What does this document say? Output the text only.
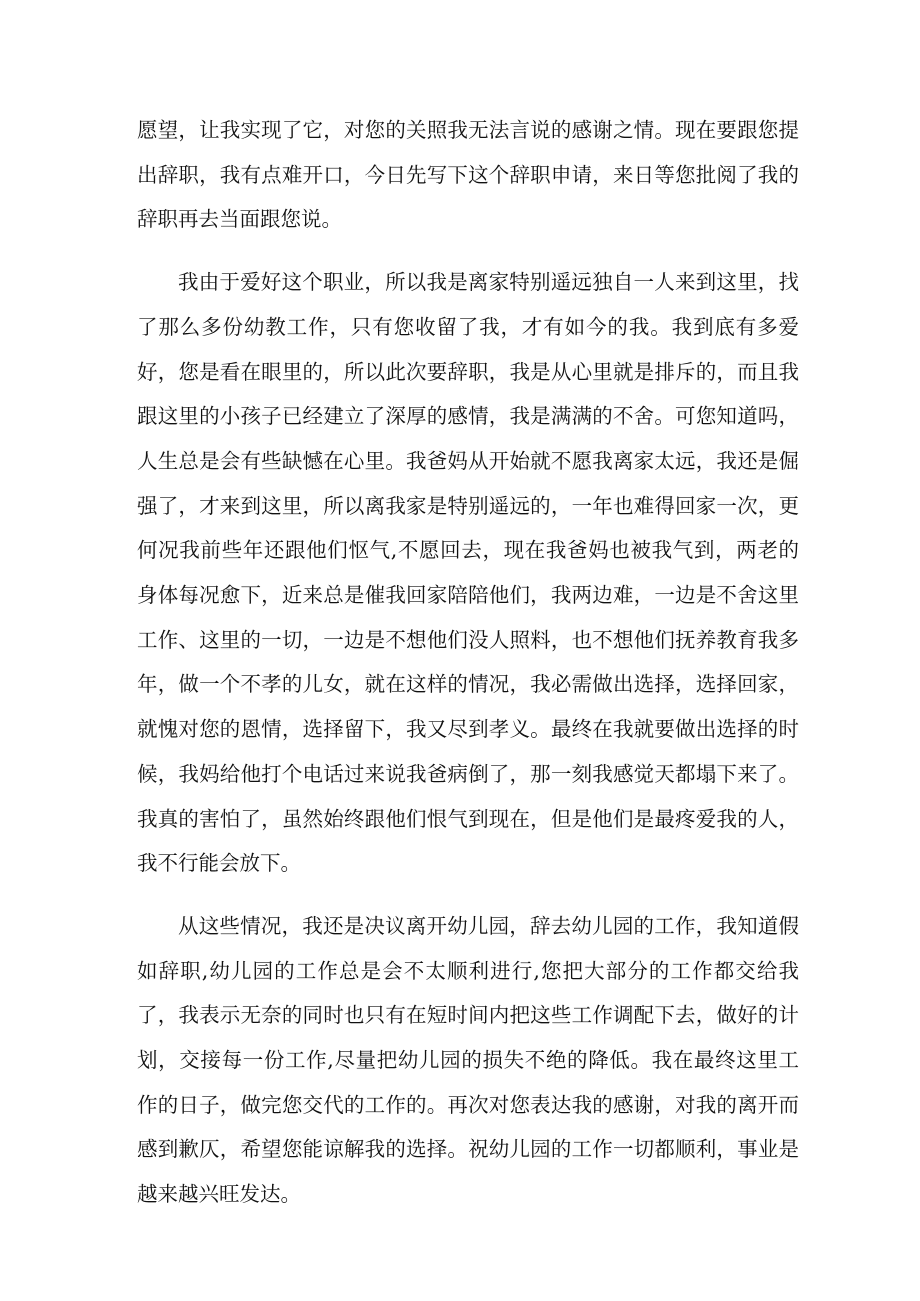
愿望，让我实现了它，对您的关照我无法言说的感谢之情。现在要跟您提出辞职，我有点难开口，今日先写下这个辞职申请，来日等您批阅了我的辞职再去当面跟您说。

我由于爱好这个职业，所以我是离家特别遥远独自一人来到这里，找了那么多份幼教工作，只有您收留了我，才有如今的我。我到底有多爱好，您是看在眼里的，所以此次要辞职，我是从心里就是排斥的，而且我跟这里的小孩子已经建立了深厚的感情，我是满满的不舍。可您知道吗，人生总是会有些缺憾在心里。我爸妈从开始就不愿我离家太远，我还是倔强了，才来到这里，所以离我家是特别遥远的，一年也难得回家一次，更何况我前些年还跟他们怄气,不愿回去，现在我爸妈也被我气到，两老的身体每况愈下，近来总是催我回家陪陪他们，我两边难，一边是不舍这里工作、这里的一切，一边是不想他们没人照料，也不想他们抚养教育我多年，做一个不孝的儿女，就在这样的情况，我必需做出选择，选择回家，就愧对您的恩情，选择留下，我又尽到孝义。最终在我就要做出选择的时候，我妈给他打个电话过来说我爸病倒了，那一刻我感觉天都塌下来了。我真的害怕了，虽然始终跟他们恨气到现在，但是他们是最疼爱我的人，我不行能会放下。

从这些情况，我还是决议离开幼儿园，辞去幼儿园的工作，我知道假如辞职,幼儿园的工作总是会不太顺利进行,您把大部分的工作都交给我了，我表示无奈的同时也只有在短时间内把这些工作调配下去，做好的计划，交接每一份工作,尽量把幼儿园的损失不绝的降低。我在最终这里工作的日子，做完您交代的工作的。再次对您表达我的感谢，对我的离开而感到歉仄，希望您能谅解我的选择。祝幼儿园的工作一切都顺利，事业是越来越兴旺发达。
